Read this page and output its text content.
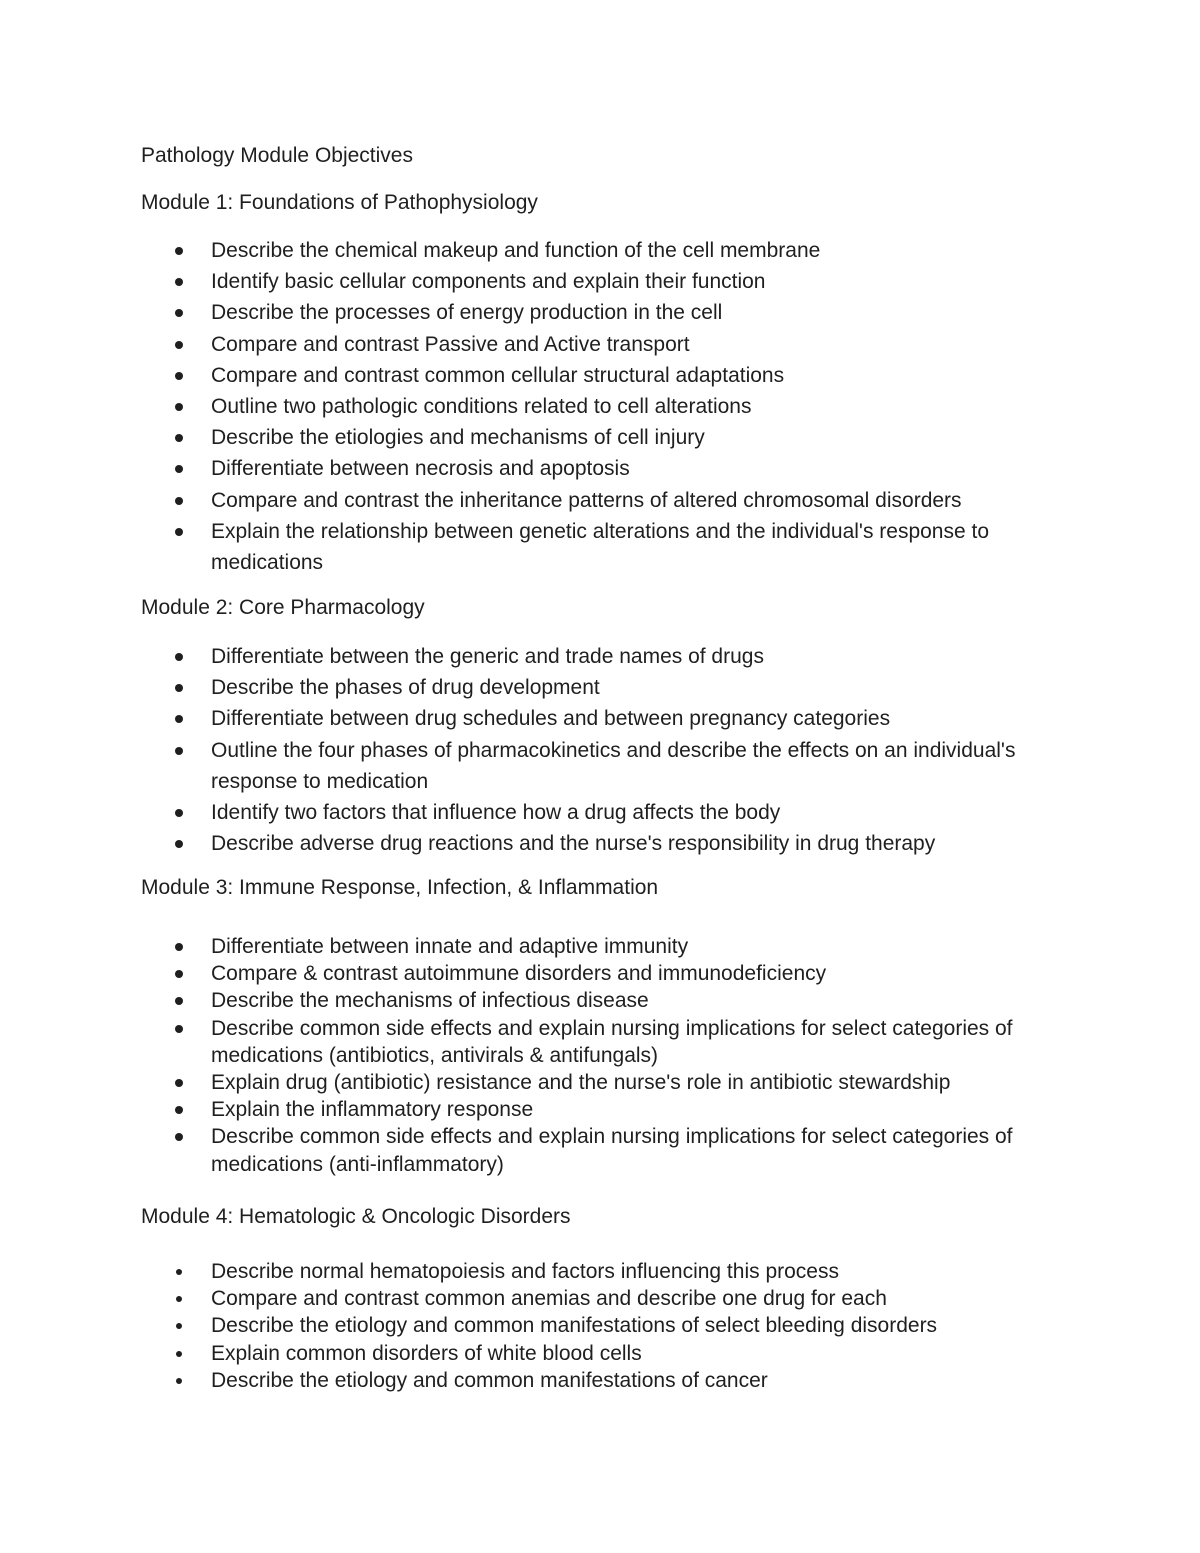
Pathology Module Objectives
Module 1: Foundations of Pathophysiology
Describe the chemical makeup and function of the cell membrane
Identify basic cellular components and explain their function
Describe the processes of energy production in the cell
Compare and contrast Passive and Active transport
Compare and contrast common cellular structural adaptations
Outline two pathologic conditions related to cell alterations
Describe the etiologies and mechanisms of cell injury
Differentiate between necrosis and apoptosis
Compare and contrast the inheritance patterns of altered chromosomal disorders
Explain the relationship between genetic alterations and the individual's response to medications
Module 2: Core Pharmacology
Differentiate between the generic and trade names of drugs
Describe the phases of drug development
Differentiate between drug schedules and between pregnancy categories
Outline the four phases of pharmacokinetics and describe the effects on an individual's response to medication
Identify two factors that influence how a drug affects the body
Describe adverse drug reactions and the nurse's responsibility in drug therapy
Module 3: Immune Response, Infection, & Inflammation
Differentiate between innate and adaptive immunity
Compare & contrast autoimmune disorders and immunodeficiency
Describe the mechanisms of infectious disease
Describe common side effects and explain nursing implications for select categories of medications (antibiotics, antivirals & antifungals)
Explain drug (antibiotic) resistance and the nurse's role in antibiotic stewardship
Explain the inflammatory response
Describe common side effects and explain nursing implications for select categories of medications (anti-inflammatory)
Module 4: Hematologic & Oncologic Disorders
Describe normal hematopoiesis and factors influencing this process
Compare and contrast common anemias and describe one drug for each
Describe the etiology and common manifestations of select bleeding disorders
Explain common disorders of white blood cells
Describe the etiology and common manifestations of cancer
